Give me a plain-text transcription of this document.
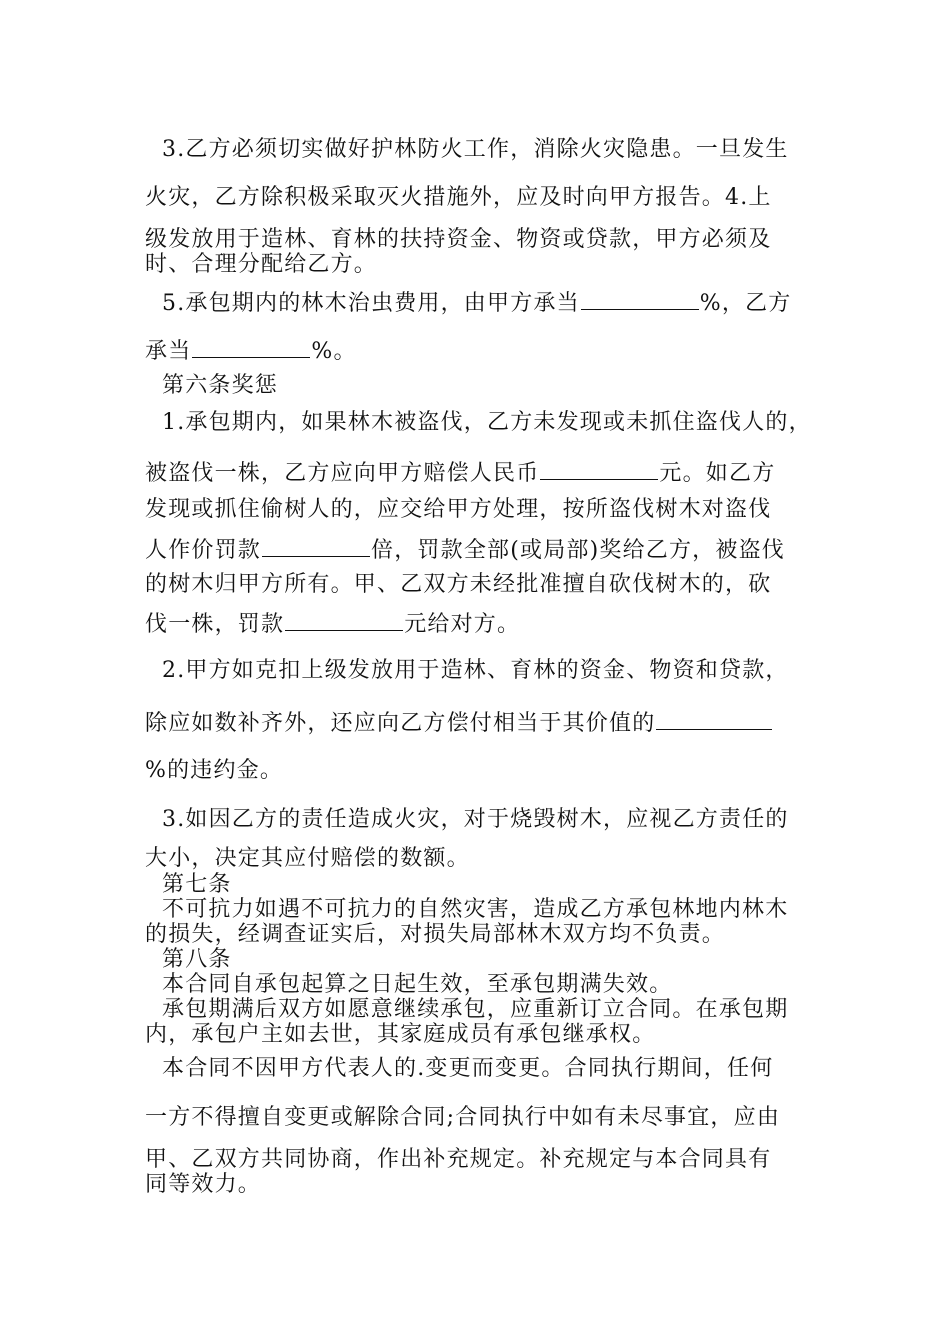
3.乙方必须切实做好护林防火工作，消除火灾隐患。一旦发生
火灾，乙方除积极采取灭火措施外，应及时向甲方报告。4.上
级发放用于造林、育林的扶持资金、物资或贷款，甲方必须及
时、合理分配给乙方。
5.承包期内的林木治虫费用，由甲方承当	%，乙方
承当	%。
第六条奖惩
1.承包期内，如果林木被盗伐，乙方未发现或未抓住盗伐人的，
被盗伐一株，乙方应向甲方赔偿人民币	元。如乙方
发现或抓住偷树人的，应交给甲方处理，按所盗伐树木对盗伐
人作价罚款	倍，罚款全部(或局部)奖给乙方，被盗伐
的树木归甲方所有。甲、乙双方未经批准擅自砍伐树木的，砍
伐一株，罚款	元给对方。
2.甲方如克扣上级发放用于造林、育林的资金、物资和贷款，
除应如数补齐外，还应向乙方偿付相当于其价值的
%的违约金。
3.如因乙方的责任造成火灾，对于烧毁树木，应视乙方责任的
大小，决定其应付赔偿的数额。
第七条
不可抗力如遇不可抗力的自然灾害，造成乙方承包林地内林木
的损失，经调查证实后，对损失局部林木双方均不负责。
第八条
本合同自承包起算之日起生效，至承包期满失效。
承包期满后双方如愿意继续承包，应重新订立合同。在承包期
内，承包户主如去世，其家庭成员有承包继承权。
本合同不因甲方代表人的.变更而变更。合同执行期间，任何
一方不得擅自变更或解除合同;合同执行中如有未尽事宜，应由
甲、乙双方共同协商，作出补充规定。补充规定与本合同具有
同等效力。
